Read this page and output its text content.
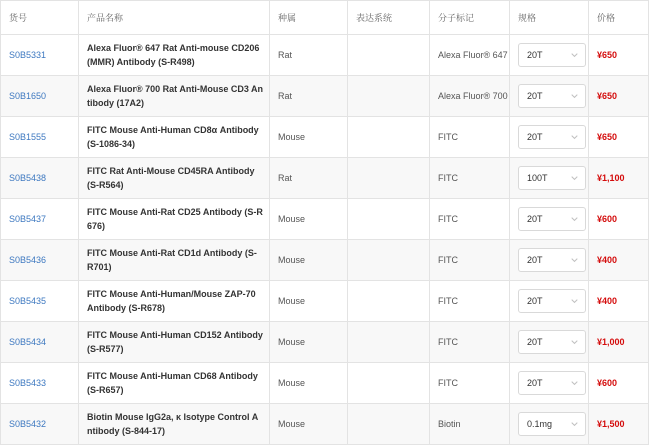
货号	产品名称	种属	表达系统	分子标记	规格	价格
S0B5331	Alexa Fluor® 647 Rat Anti-mouse CD206 (MMR) Antibody (S-R498)	Rat		Alexa Fluor® 647	20T	¥650
S0B1650	Alexa Fluor® 700 Rat Anti-Mouse CD3 Antibody (17A2)	Rat		Alexa Fluor® 700	20T	¥650
S0B1555	FITC Mouse Anti-Human CD8α Antibody (S-1086-34)	Mouse		FITC	20T	¥650
S0B5438	FITC Rat Anti-Mouse CD45RA Antibody (S-R564)	Rat		FITC	100T	¥1,100
S0B5437	FITC Mouse Anti-Rat CD25 Antibody (S-R676)	Mouse		FITC	20T	¥600
S0B5436	FITC Mouse Anti-Rat CD1d Antibody (S-R701)	Mouse		FITC	20T	¥400
S0B5435	FITC Mouse Anti-Human/Mouse ZAP-70 Antibody (S-R678)	Mouse		FITC	20T	¥400
S0B5434	FITC Mouse Anti-Human CD152 Antibody (S-R577)	Mouse		FITC	20T	¥1,000
S0B5433	FITC Mouse Anti-Human CD68 Antibody (S-R657)	Mouse		FITC	20T	¥600
S0B5432	Biotin Mouse IgG2a, κ Isotype Control Antibody (S-844-17)	Mouse		Biotin	0.1mg	¥1,500
